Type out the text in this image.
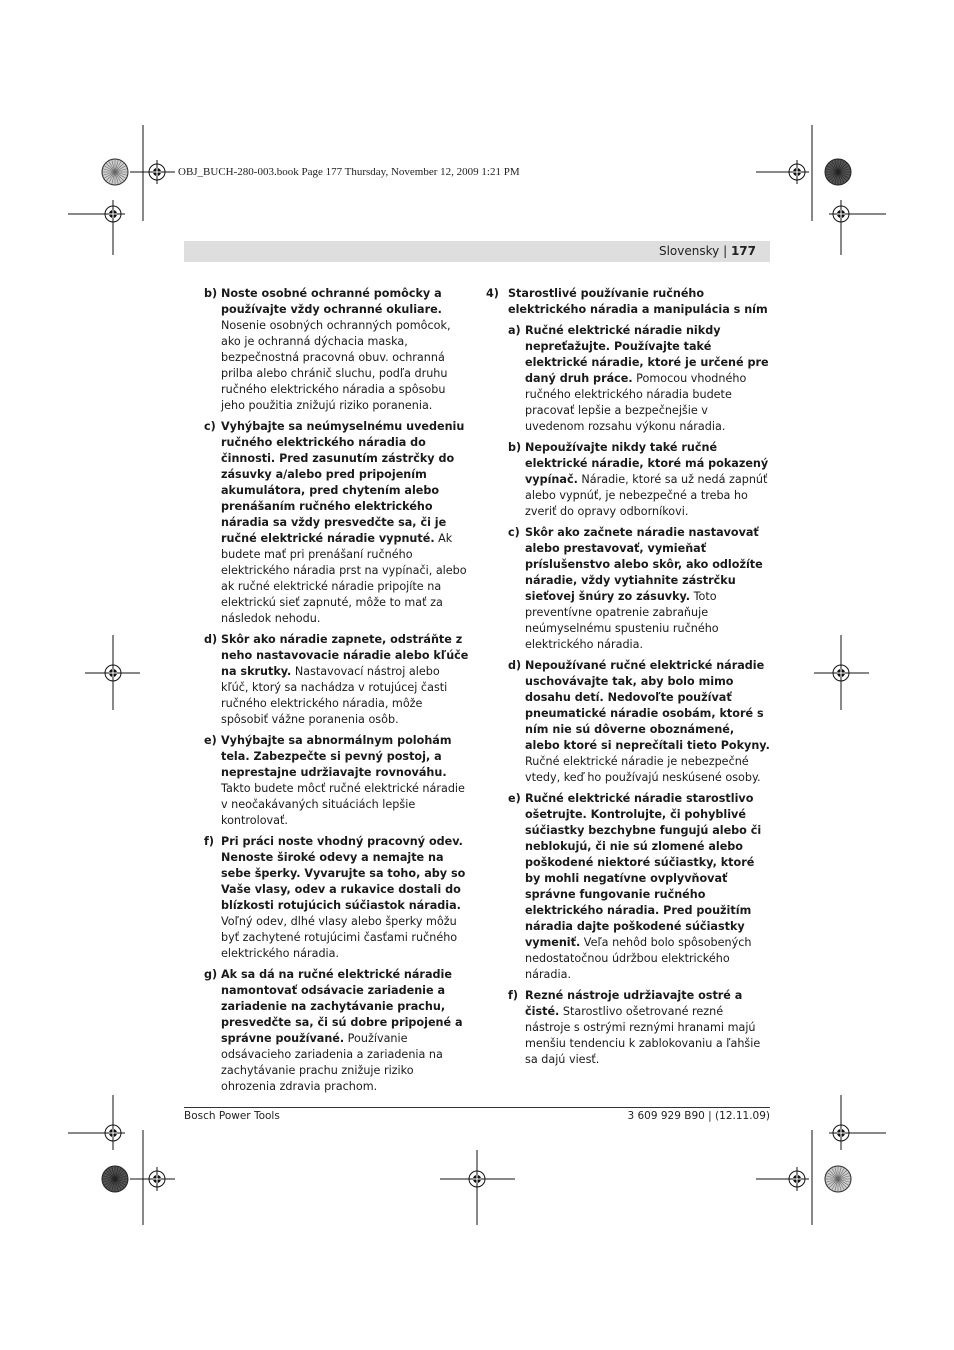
OBJ_BUCH-280-003.book Page 177 Thursday, November 12, 2009 1:21 PM
Slovensky | 177
b) Noste osobné ochranné pomôcky a používajte vždy ochranné okuliare. Nosenie osobných ochranných pomôcok, ako je ochranná dýchacia maska, bezpečnostná pracovná obuv. ochranná prilba alebo chránič sluchu, podľa druhu ručného elektrického náradia a spôsobu jeho použitia znižujú riziko poranenia.
c) Vyhýbajte sa neúmyselnému uvedeniu ručného elektrického náradia do činnosti. Pred zasunutím zástrčky do zásuvky a/alebo pred pripojením akumulátora, pred chytením alebo prenášaním ručného elektrického náradia sa vždy presvedčte sa, či je ručné elektrické náradie vypnuté. Ak budete mať pri prenášaní ručného elektrického náradia prst na vypínači, alebo ak ručné elektrické náradie pripojíte na elektrickú sieť zapnuté, môže to mať za následok nehodu.
d) Skôr ako náradie zapnete, odstráňte z neho nastavovacie náradie alebo kľúče na skrutky. Nastavovací nástroj alebo kľúč, ktorý sa nachádza v rotujúcej časti ručného elektrického náradia, môže spôsobiť vážne poranenia osôb.
e) Vyhýbajte sa abnormálnym polohám tela. Zabezpečte si pevný postoj, a neprestajne udržiavajte rovnováhu. Takto budete môcť ručné elektrické náradie v neočakávaných situáciách lepšie kontrolovať.
f) Pri práci noste vhodný pracovný odev. Nenoste široké odevy a nemajte na sebe šperky. Vyvarujte sa toho, aby so Vaše vlasy, odev a rukavice dostali do blízkosti rotujúcich súčiastok náradia. Voľný odev, dlhé vlasy alebo šperky môžu byť zachytené rotujúcimi časťami ručného elektrického náradia.
g) Ak sa dá na ručné elektrické náradie namontovať odsávacie zariadenie a zariadenie na zachytávanie prachu, presvedčte sa, či sú dobre pripojené a správne používané. Používanie odsávacieho zariadenia a zariadenia na zachytávanie prachu znižuje riziko ohrozenia zdravia prachom.
4) Starostlivé používanie ručného elektrického náradia a manipulácia s ním
a) Ručné elektrické náradie nikdy nepreťažujte. Používajte také elektrické náradie, ktoré je určené pre daný druh práce. Pomocou vhodného ručného elektrického náradia budete pracovať lepšie a bezpečnejšie v uvedenom rozsahu výkonu náradia.
b) Nepoužívajte nikdy také ručné elektrické náradie, ktoré má pokazený vypínač. Náradie, ktoré sa už nedá zapnúť alebo vypnúť, je nebezpečné a treba ho zveriť do opravy odborníkovi.
c) Skôr ako začnete náradie nastavovať alebo prestavovať, vymieňať príslušenstvo alebo skôr, ako odložíte náradie, vždy vytiahnite zástrčku sieťovej šnúry zo zásuvky. Toto preventívne opatrenie zabraňuje neúmyselnému spusteniu ručného elektrického náradia.
d) Nepoužívané ručné elektrické náradie uschovávajte tak, aby bolo mimo dosahu detí. Nedovoľte používať pneumatické náradie osobám, ktoré s ním nie sú dôverne oboznámené, alebo ktoré si neprečítali tieto Pokyny. Ručné elektrické náradie je nebezpečné vtedy, keď ho používajú neskúsené osoby.
e) Ručné elektrické náradie starostlivo ošetrujte. Kontrolujte, či pohyblivé súčiastky bezchybne fungujú alebo či neblokujú, či nie sú zlomené alebo poškodené niektoré súčiastky, ktoré by mohli negatívne ovplyvňovať správne fungovanie ručného elektrického náradia. Pred použitím náradia dajte poškodené súčiastky vymeniť. Veľa nehôd bolo spôsobených nedostatočnou údržbou elektrického náradia.
f) Rezné nástroje udržiavajte ostré a čisté. Starostlivo ošetrované rezné nástroje s ostrými reznými hranami majú menšiu tendenciu k zablokovaniu a ľahšie sa dajú viesť.
Bosch Power Tools	3 609 929 B90 | (12.11.09)
